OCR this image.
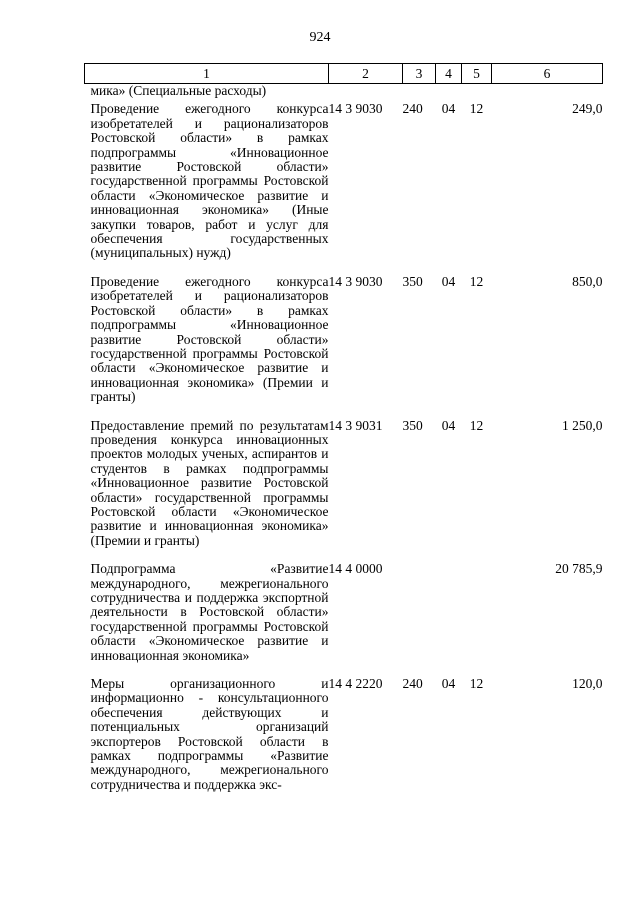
924
1	2	3	4	5	6
мика» (Специальные расходы)					
Проведение ежегодного конкурса изобретателей и рационализаторов Ростовской области» в рамках подпрограммы «Инновационное развитие Ростовской области» государственной программы Ростовской области «Экономическое развитие и инновационная экономика» (Иные закупки товаров, работ и услуг для обеспечения государственных (муниципальных) нужд)	14 3 9030	240	04	12	249,0
Проведение ежегодного конкурса изобретателей и рационализаторов Ростовской области» в рамках подпрограммы «Инновационное развитие Ростовской области» государственной программы Ростовской области «Экономическое развитие и инновационная экономика» (Премии и гранты)	14 3 9030	350	04	12	850,0
Предоставление премий по результатам проведения конкурса инновационных проектов молодых ученых, аспирантов и студентов в рамках подпрограммы «Инновационное развитие Ростовской области» государственной программы Ростовской области «Экономическое развитие и инновационная экономика» (Премии и гранты)	14 3 9031	350	04	12	1 250,0
Подпрограмма «Развитие международного, межрегионального сотрудничества и поддержка экспортной деятельности в Ростовской области» государственной программы Ростовской области «Экономическое развитие и инновационная экономика»	14 4 0000				20 785,9
Меры организационного и информационно - консультационного обеспечения действующих и потенциальных организаций экспортеров Ростовской области в рамках подпрограммы «Развитие международного, межрегионального сотрудничества и поддержка экс-	14 4 2220	240	04	12	120,0
